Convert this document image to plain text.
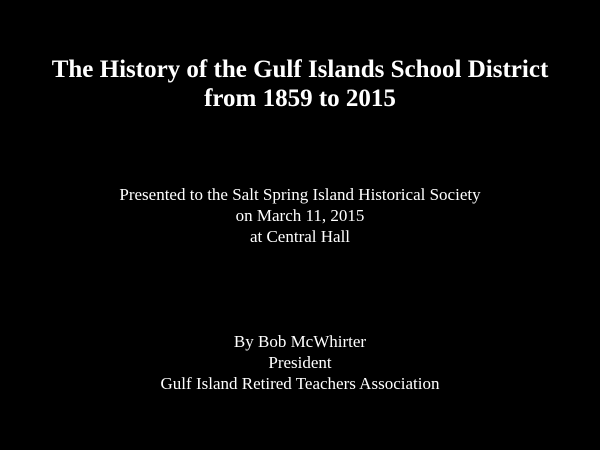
The History of the Gulf Islands School District
from 1859 to 2015
Presented to the Salt Spring Island Historical Society
on March 11, 2015
at Central Hall
By Bob McWhirter
President
Gulf Island Retired Teachers Association
